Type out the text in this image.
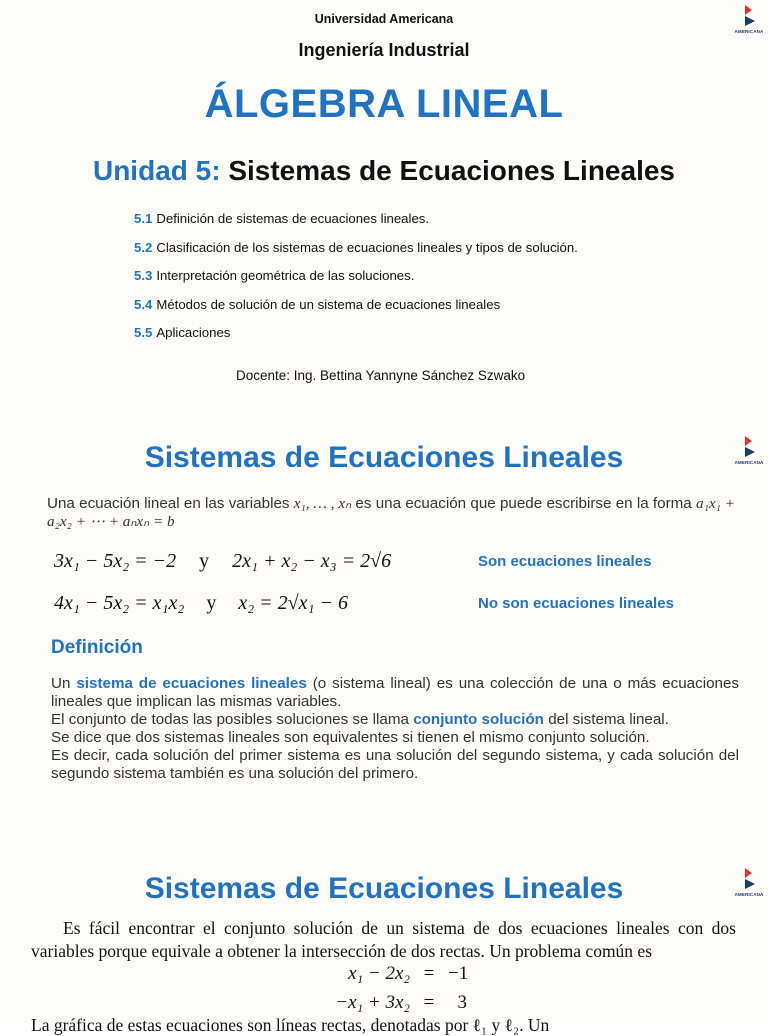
AMERICANA
Universidad Americana
Ingeniería Industrial
ÁLGEBRA LINEAL
Unidad 5: Sistemas de Ecuaciones Lineales
5.1 Definición de sistemas de ecuaciones lineales.
5.2 Clasificación de los sistemas de ecuaciones lineales y tipos de solución.
5.3 Interpretación geométrica de las soluciones.
5.4 Métodos de solución de un sistema de ecuaciones lineales
5.5 Aplicaciones
Docente: Ing. Bettina Yannyne Sánchez Szwako
AMERICANA
Sistemas de Ecuaciones Lineales
Una ecuación lineal en las variables x₁, … , xₙ es una ecuación que puede escribirse en la forma a₁x₁ + a₂x₂ + ⋯ + aₙxₙ = b
3x₁ − 5x₂ = −2 y 2x₁ + x₂ − x₃ = 2√6	Son ecuaciones lineales
4x₁ − 5x₂ = x₁x₂ y x₂ = 2√x₁ − 6	No son ecuaciones lineales
Definición
Un sistema de ecuaciones lineales (o sistema lineal) es una colección de una o más ecuaciones lineales que implican las mismas variables.
El conjunto de todas las posibles soluciones se llama conjunto solución del sistema lineal.
Se dice que dos sistemas lineales son equivalentes si tienen el mismo conjunto solución.
Es decir, cada solución del primer sistema es una solución del segundo sistema, y cada solución del segundo sistema también es una solución del primero.
AMERICANA
Sistemas de Ecuaciones Lineales
Es fácil encontrar el conjunto solución de un sistema de dos ecuaciones lineales con dos variables porque equivale a obtener la intersección de dos rectas. Un problema común es
x₁ − 2x₂ = −1
−x₁ + 3x₂ =  3
La gráfica de estas ecuaciones son líneas rectas, denotadas por ℓ₁ y ℓ₂. Un
